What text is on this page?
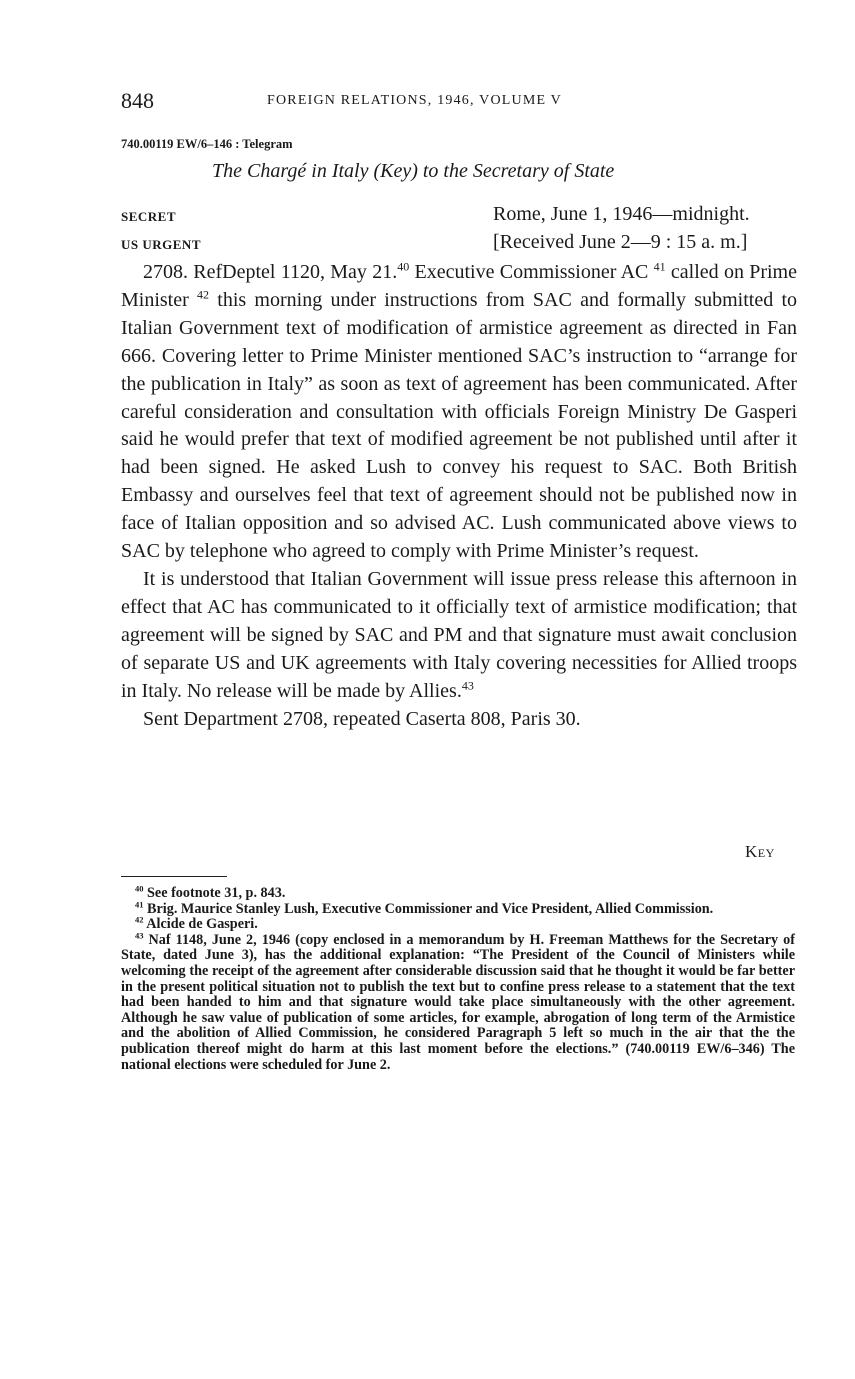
848	FOREIGN RELATIONS, 1946, VOLUME V
740.00119 EW/6–146 : Telegram
The Chargé in Italy (Key) to the Secretary of State
SECRET	Rome, June 1, 1946—midnight.
US URGENT	[Received June 2—9 : 15 a. m.]

2708. RefDeptel 1120, May 21.40 Executive Commissioner AC $^{41}$ called on Prime Minister $^{42}$ this morning under instructions from SAC and formally submitted to Italian Government text of modification of armistice agreement as directed in Fan 666. Covering letter to Prime Minister mentioned SAC’s instruction to “arrange for the publication in Italy” as soon as text of agreement has been communicated. After careful consideration and consultation with officials Foreign Ministry De Gasperi said he would prefer that text of modified agreement be not published until after it had been signed. He asked Lush to convey his request to SAC. Both British Embassy and ourselves feel that text of agreement should not be published now in face of Italian opposition and so advised AC. Lush communicated above views to SAC by telephone who agreed to comply with Prime Minister’s request.

It is understood that Italian Government will issue press release this afternoon in effect that AC has communicated to it officially text of armistice modification; that agreement will be signed by SAC and PM and that signature must await conclusion of separate US and UK agreements with Italy covering necessities for Allied troops in Italy. No release will be made by Allies.$^{43}$

Sent Department 2708, repeated Caserta 808, Paris 30.

Key

$^{40}$ See footnote 31, p. 843.

$^{41}$ Brig. Maurice Stanley Lush, Executive Commissioner and Vice President, Allied Commission.

$^{42}$ Alcide de Gasperi.

$^{43}$ Naf 1148, June 2, 1946 (copy enclosed in a memorandum by H. Freeman Matthews for the Secretary of State, dated June 3), has the additional explanation: “The President of the Council of Ministers while welcoming the receipt of the agreement after considerable discussion said that he thought it would be far better in the present political situation not to publish the text but to confine press release to a statement that the text had been handed to him and that signature would take place simultaneously with the other agreement. Although he saw value of publication of some articles, for example, abrogation of long term of the Armistice and the abolition of Allied Commission, he considered Paragraph 5 left so much in the air that the the publication thereof might do harm at this last moment before the elections.” (740.00119 EW/6–346) The national elections were scheduled for June 2.
